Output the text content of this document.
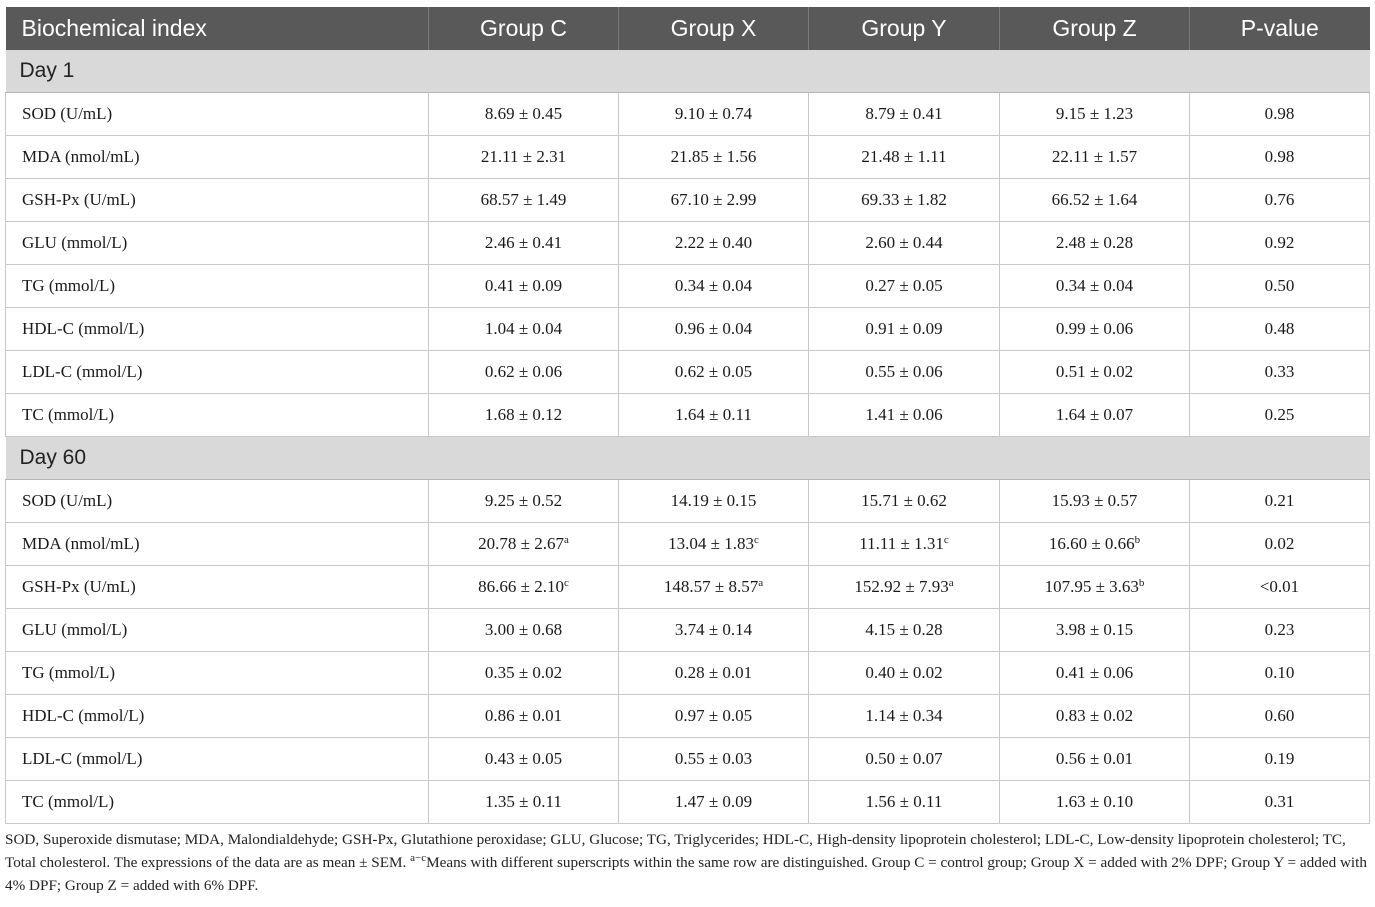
Biochemical index	Group C	Group X	Group Y	Group Z	P-value
Day 1					
SOD (U/mL)	8.69 ± 0.45	9.10 ± 0.74	8.79 ± 0.41	9.15 ± 1.23	0.98
MDA (nmol/mL)	21.11 ± 2.31	21.85 ± 1.56	21.48 ± 1.11	22.11 ± 1.57	0.98
GSH-Px (U/mL)	68.57 ± 1.49	67.10 ± 2.99	69.33 ± 1.82	66.52 ± 1.64	0.76
GLU (mmol/L)	2.46 ± 0.41	2.22 ± 0.40	2.60 ± 0.44	2.48 ± 0.28	0.92
TG (mmol/L)	0.41 ± 0.09	0.34 ± 0.04	0.27 ± 0.05	0.34 ± 0.04	0.50
HDL-C (mmol/L)	1.04 ± 0.04	0.96 ± 0.04	0.91 ± 0.09	0.99 ± 0.06	0.48
LDL-C (mmol/L)	0.62 ± 0.06	0.62 ± 0.05	0.55 ± 0.06	0.51 ± 0.02	0.33
TC (mmol/L)	1.68 ± 0.12	1.64 ± 0.11	1.41 ± 0.06	1.64 ± 0.07	0.25
Day 60					
SOD (U/mL)	9.25 ± 0.52	14.19 ± 0.15	15.71 ± 0.62	15.93 ± 0.57	0.21
MDA (nmol/mL)	20.78 ± 2.67$^a$	13.04 ± 1.83$^c$	11.11 ± 1.31$^c$	16.60 ± 0.66$^b$	0.02
GSH-Px (U/mL)	86.66 ± 2.10$^c$	148.57 ± 8.57$^a$	152.92 ± 7.93$^a$	107.95 ± 3.63$^b$	<0.01
GLU (mmol/L)	3.00 ± 0.68	3.74 ± 0.14	4.15 ± 0.28	3.98 ± 0.15	0.23
TG (mmol/L)	0.35 ± 0.02	0.28 ± 0.01	0.40 ± 0.02	0.41 ± 0.06	0.10
HDL-C (mmol/L)	0.86 ± 0.01	0.97 ± 0.05	1.14 ± 0.34	0.83 ± 0.02	0.60
LDL-C (mmol/L)	0.43 ± 0.05	0.55 ± 0.03	0.50 ± 0.07	0.56 ± 0.01	0.19
TC (mmol/L)	1.35 ± 0.11	1.47 ± 0.09	1.56 ± 0.11	1.63 ± 0.10	0.31

SOD, Superoxide dismutase; MDA, Malondialdehyde; GSH-Px, Glutathione peroxidase; GLU, Glucose; TG, Triglycerides; HDL-C, High-density lipoprotein cholesterol; LDL-C, Low-density lipoprotein cholesterol; TC, Total cholesterol. The expressions of the data are as mean ± SEM. $^{a-c}$Means with different superscripts within the same row are distinguished. Group C = control group; Group X = added with 2% DPF; Group Y = added with 4% DPF; Group Z = added with 6% DPF.
